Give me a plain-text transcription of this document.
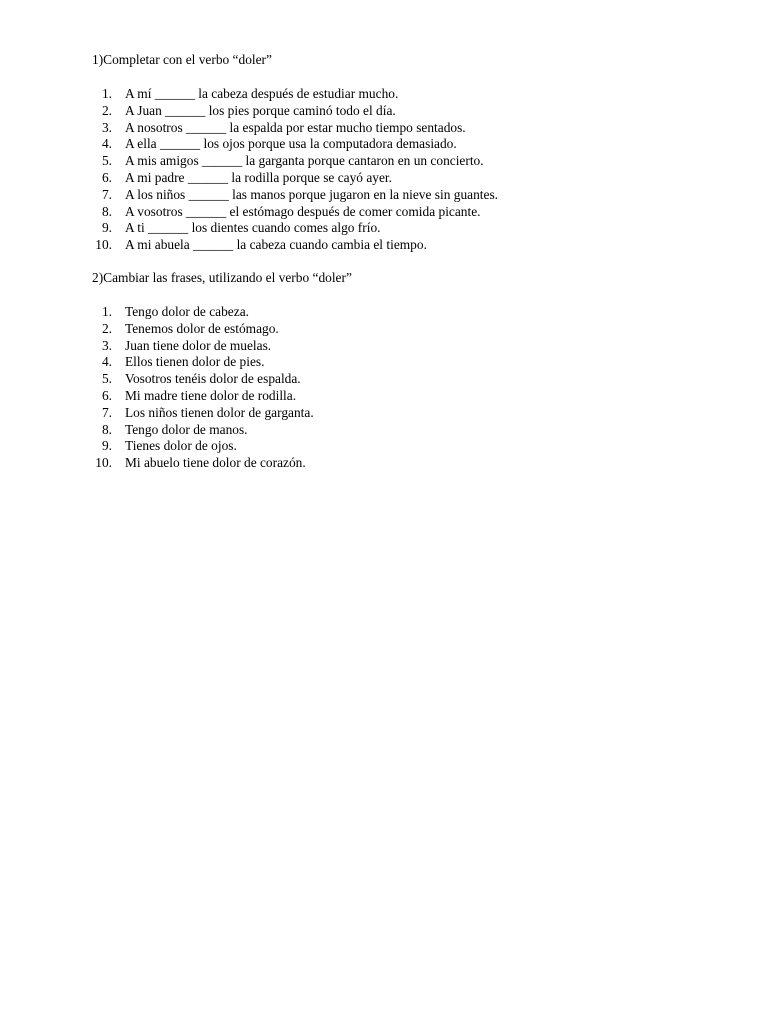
1)Completar con el verbo “doler”
1 .	A mí ______ la cabeza después de estudiar mucho.
2 .	A Juan ______ los pies porque caminó todo el día.
3 .	A nosotros ______ la espalda por estar mucho tiempo sentados.
4 .	A ella ______ los ojos porque usa la computadora demasiado.
5 .	A mis amigos ______ la garganta porque cantaron en un concierto.
6 .	A mi padre ______ la rodilla porque se cayó ayer.
7 .	A los niños ______ las manos porque jugaron en la nieve sin guantes.
8 .	A vosotros ______ el estómago después de comer comida picante.
9 .	A ti ______ los dientes cuando comes algo frío.
10 .	A mi abuela ______ la cabeza cuando cambia el tiempo.
2)Cambiar las frases, utilizando el verbo “doler”
1 .	Tengo dolor de cabeza.
2 .	Tenemos dolor de estómago.
3 .	Juan tiene dolor de muelas.
4 .	Ellos tienen dolor de pies.
5 .	Vosotros tenéis dolor de espalda.
6 .	Mi madre tiene dolor de rodilla.
7 .	Los niños tienen dolor de garganta.
8 .	Tengo dolor de manos.
9 .	Tienes dolor de ojos.
10 .	Mi abuelo tiene dolor de corazón.
